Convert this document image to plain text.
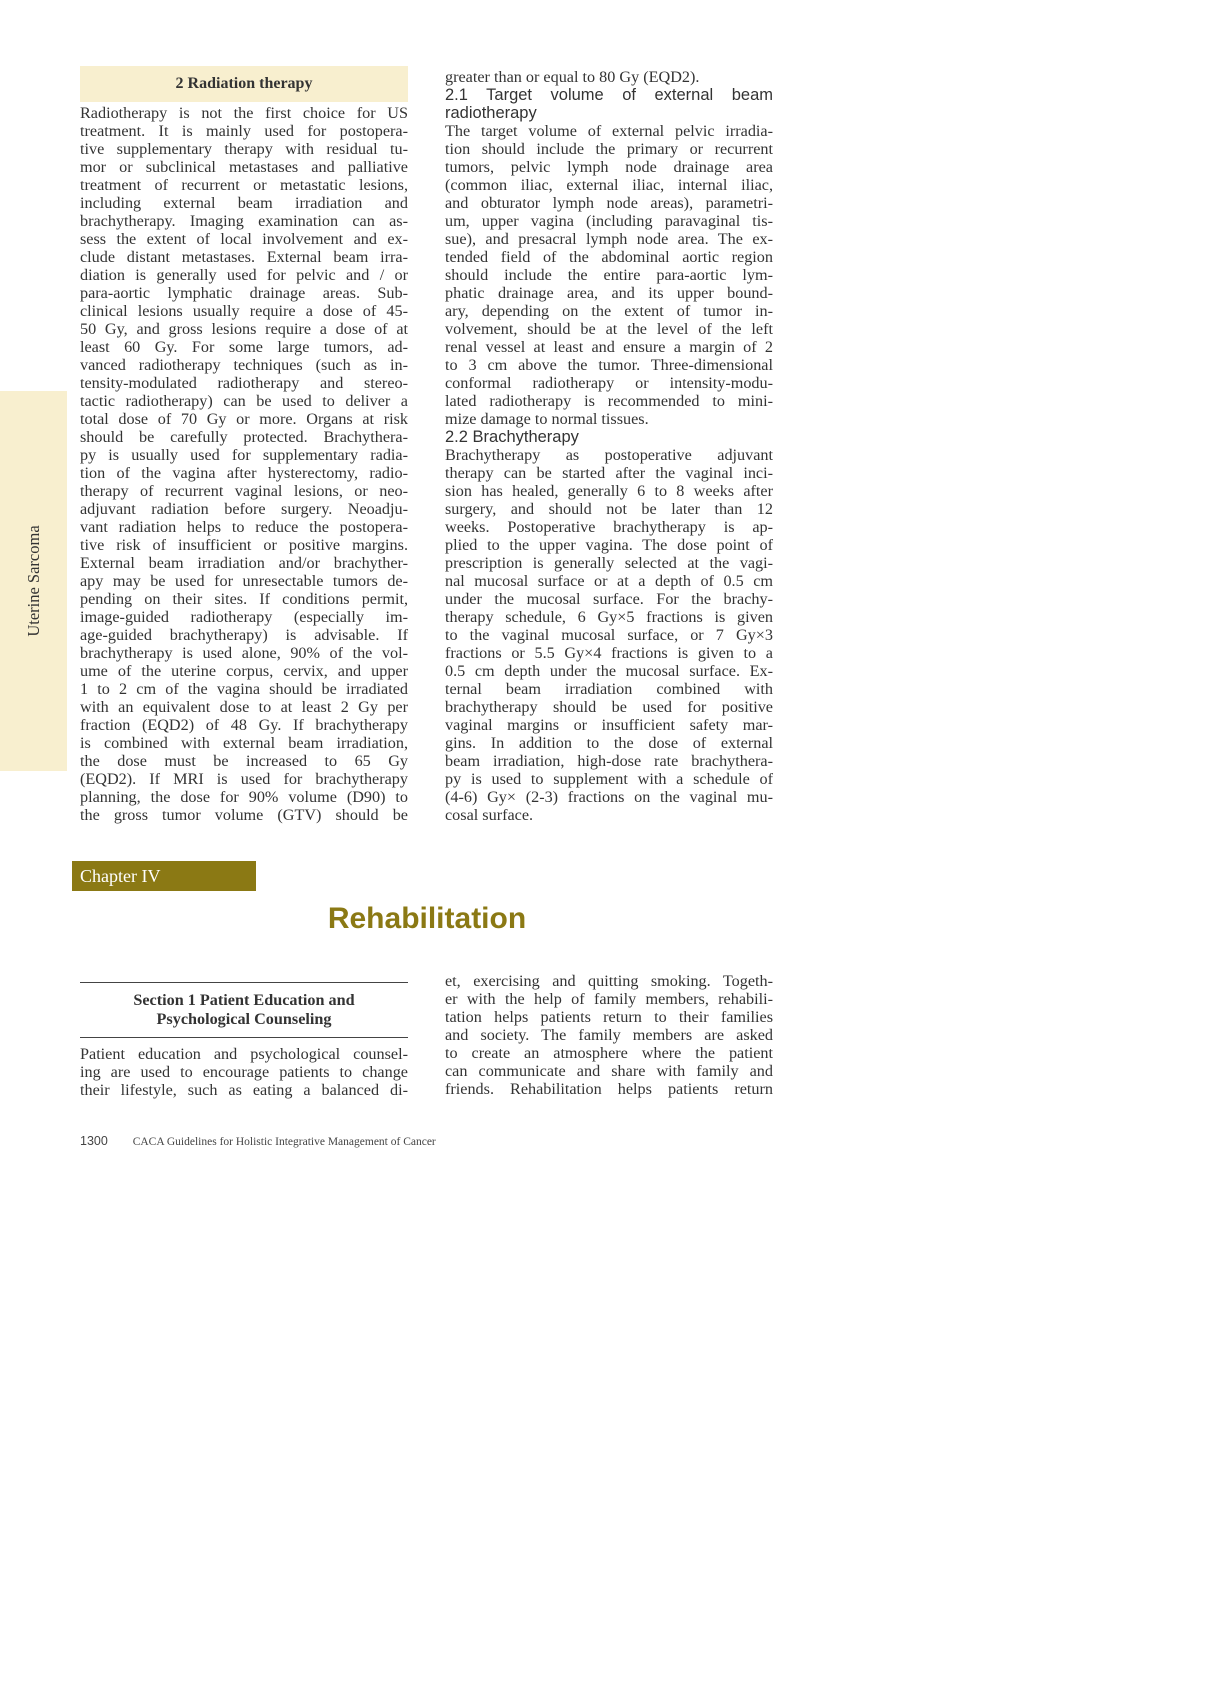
Uterine Sarcoma
2 Radiation therapy
Radiotherapy is not the first choice for US
treatment. It is mainly used for postopera-
tive supplementary therapy with residual tu-
mor or subclinical metastases and palliative
treatment of recurrent or metastatic lesions,
including external beam irradiation and
brachytherapy. Imaging examination can as-
sess the extent of local involvement and ex-
clude distant metastases. External beam irra-
diation is generally used for pelvic and / or
para-aortic lymphatic drainage areas. Sub-
clinical lesions usually require a dose of 45-
50 Gy, and gross lesions require a dose of at
least 60 Gy. For some large tumors, ad-
vanced radiotherapy techniques (such as in-
tensity-modulated radiotherapy and stereo-
tactic radiotherapy) can be used to deliver a
total dose of 70 Gy or more. Organs at risk
should be carefully protected. Brachythera-
py is usually used for supplementary radia-
tion of the vagina after hysterectomy, radio-
therapy of recurrent vaginal lesions, or neo-
adjuvant radiation before surgery. Neoadju-
vant radiation helps to reduce the postopera-
tive risk of insufficient or positive margins.
External beam irradiation and/or brachyther-
apy may be used for unresectable tumors de-
pending on their sites. If conditions permit,
image-guided radiotherapy (especially im-
age-guided brachytherapy) is advisable. If
brachytherapy is used alone, 90% of the vol-
ume of the uterine corpus, cervix, and upper
1 to 2 cm of the vagina should be irradiated
with an equivalent dose to at least 2 Gy per
fraction (EQD2) of 48 Gy. If brachytherapy
is combined with external beam irradiation,
the dose must be increased to 65 Gy
(EQD2). If MRI is used for brachytherapy
planning, the dose for 90% volume (D90) to
the gross tumor volume (GTV) should be
greater than or equal to 80 Gy (EQD2).
2.1 Target volume of external beam
radiotherapy
The target volume of external pelvic irradia-
tion should include the primary or recurrent
tumors, pelvic lymph node drainage area
(common iliac, external iliac, internal iliac,
and obturator lymph node areas), parametri-
um, upper vagina (including paravaginal tis-
sue), and presacral lymph node area. The ex-
tended field of the abdominal aortic region
should include the entire para-aortic lym-
phatic drainage area, and its upper bound-
ary, depending on the extent of tumor in-
volvement, should be at the level of the left
renal vessel at least and ensure a margin of 2
to 3 cm above the tumor. Three-dimensional
conformal radiotherapy or intensity-modu-
lated radiotherapy is recommended to mini-
mize damage to normal tissues.
2.2 Brachytherapy
Brachytherapy as postoperative adjuvant
therapy can be started after the vaginal inci-
sion has healed, generally 6 to 8 weeks after
surgery, and should not be later than 12
weeks. Postoperative brachytherapy is ap-
plied to the upper vagina. The dose point of
prescription is generally selected at the vagi-
nal mucosal surface or at a depth of 0.5 cm
under the mucosal surface. For the brachy-
therapy schedule, 6 Gy×5 fractions is given
to the vaginal mucosal surface, or 7 Gy×3
fractions or 5.5 Gy×4 fractions is given to a
0.5 cm depth under the mucosal surface. Ex-
ternal beam irradiation combined with
brachytherapy should be used for positive
vaginal margins or insufficient safety mar-
gins. In addition to the dose of external
beam irradiation, high-dose rate brachythera-
py is used to supplement with a schedule of
(4-6) Gy× (2-3) fractions on the vaginal mu-
cosal surface.
Chapter IV
Rehabilitation
Section 1 Patient Education and
Psychological Counseling
Patient education and psychological counsel-
ing are used to encourage patients to change
their lifestyle, such as eating a balanced di-
et, exercising and quitting smoking. Togeth-
er with the help of family members, rehabili-
tation helps patients return to their families
and society. The family members are asked
to create an atmosphere where the patient
can communicate and share with family and
friends. Rehabilitation helps patients return
1300 CACA Guidelines for Holistic Integrative Management of Cancer
